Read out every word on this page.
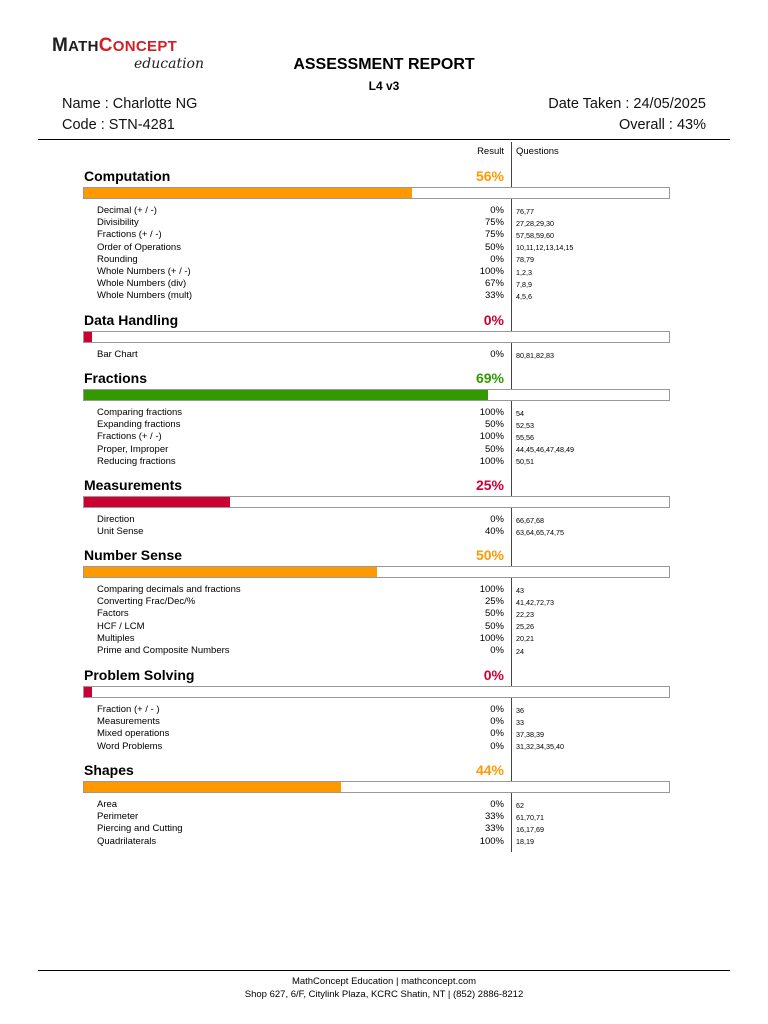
MATHCONCEPT
education	ASSESSMENT REPORT
L4 v3
Name : Charlotte NG
Code : STN-4281
Date Taken : 24/05/2025
Overall : 43%
Result Questions
Computation	56%
Decimal (+ / -)	0% 76,77
Divisibility	75% 27,28,29,30
Fractions (+ / -)	75% 57,58,59,60
Order of Operations	50% 10,11,12,13,14,15
Rounding	0% 78,79
Whole Numbers (+ / -)	100% 1,2,3
Whole Numbers (div)	67% 7,8,9
Whole Numbers (mult)	33% 4,5,6
Data Handling	0%
Bar Chart	0% 80,81,82,83
Fractions	69%
Comparing fractions	100% 54
Expanding fractions	50% 52,53
Fractions (+ / -)	100% 55,56
Proper, Improper	50% 44,45,46,47,48,49
Reducing fractions	100% 50,51
Measurements	25%
Direction	0% 66,67,68
Unit Sense	40% 63,64,65,74,75
Number Sense	50%
Comparing decimals and fractions	100% 43
Converting Frac/Dec/%	25% 41,42,72,73
Factors	50% 22,23
HCF / LCM	50% 25,26
Multiples	100% 20,21
Prime and Composite Numbers	0% 24
Problem Solving	0%
Fraction (+ / - )	0% 36
Measurements	0% 33
Mixed operations	0% 37,38,39
Word Problems	0% 31,32,34,35,40
Shapes	44%
Area	0% 62
Perimeter	33% 61,70,71
Piercing and Cutting	33% 16,17,69
Quadrilaterals	100% 18,19
MathConcept Education | mathconcept.com
Shop 627, 6/F, Citylink Plaza, KCRC Shatin, NT | (852) 2886-8212
